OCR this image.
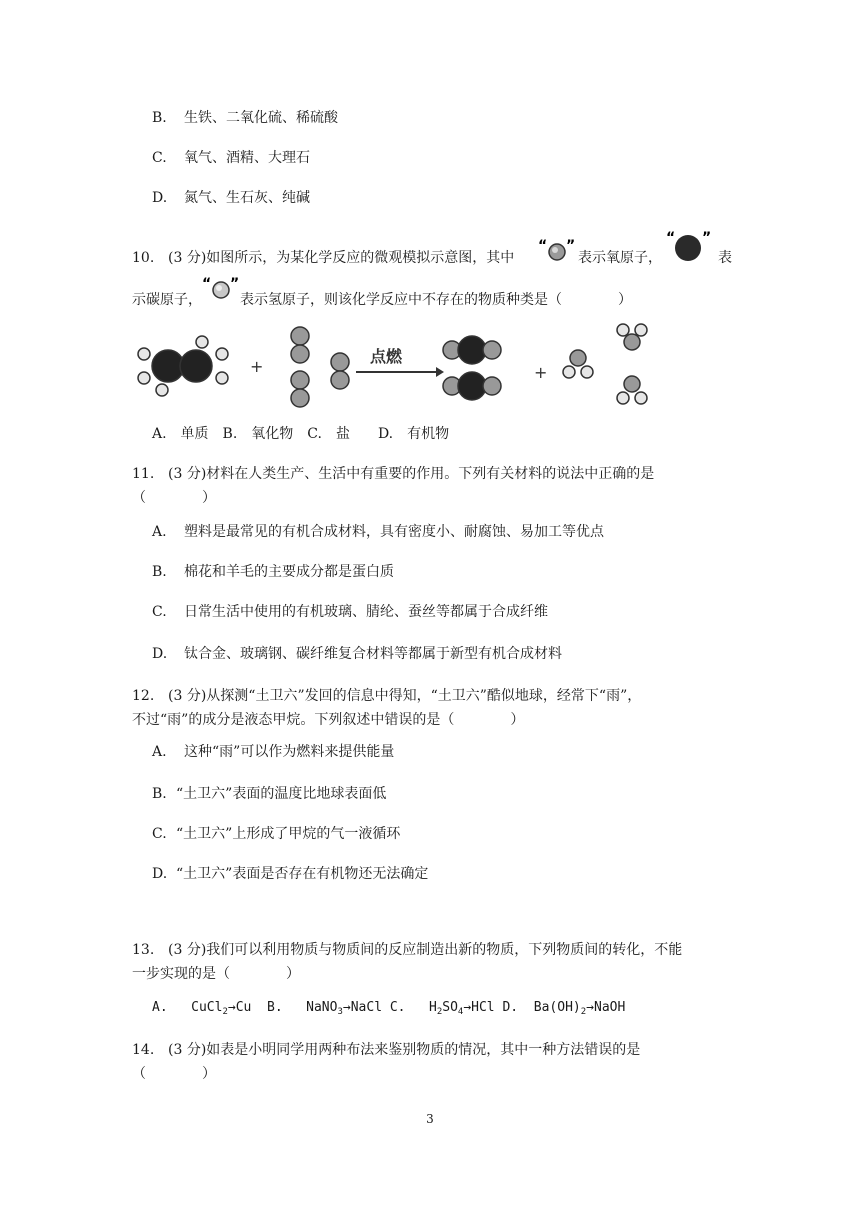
B. 生铁、二氧化硫、稀硫酸
C. 氧气、酒精、大理石
D. 氮气、生石灰、纯碱
10. (3 分)如图所示，为某化学反应的微观模拟示意图，其中
“ ”
表示氧原子，
“ ”
表
“ ”
示碳原子，	表示氢原子，则该化学反应中不存在的物质种类是（　　　　）
+
点燃
+
A.　单质　B.　氧化物　C.　盐　　D.　有机物
11. (3 分)材料在人类生产、生活中有重要的作用。下列有关材料的说法中正确的是
（　　　　）
A. 塑料是最常见的有机合成材料，具有密度小、耐腐蚀、易加工等优点
B. 棉花和羊毛的主要成分都是蛋白质
C. 日常生活中使用的有机玻璃、腈纶、蚕丝等都属于合成纤维
D. 钛合金、玻璃钢、碳纤维复合材料等都属于新型有机合成材料
12. (3 分)从探测“土卫六”发回的信息中得知，“土卫六”酷似地球，经常下“雨”，
不过“雨”的成分是液态甲烷。下列叙述中错误的是（　　　　）
A. 这种“雨”可以作为燃料来提供能量
B. “土卫六”表面的温度比地球表面低
C. “土卫六”上形成了甲烷的气一液循环
D. “土卫六”表面是否存在有机物还无法确定
13. (3 分)我们可以利用物质与物质间的反应制造出新的物质，下列物质间的转化，不能
一步实现的是（　　　　）
A. CuCl$_2$→Cu B. NaNO$_3$→NaCl C. $H_2SO_4\to HCl$ D. $Ba(OH)_2\to NaOH$
14. (3 分)如表是小明同学用两种布法来鉴别物质的情况，其中一种方法错误的是
（　　　　）
3
